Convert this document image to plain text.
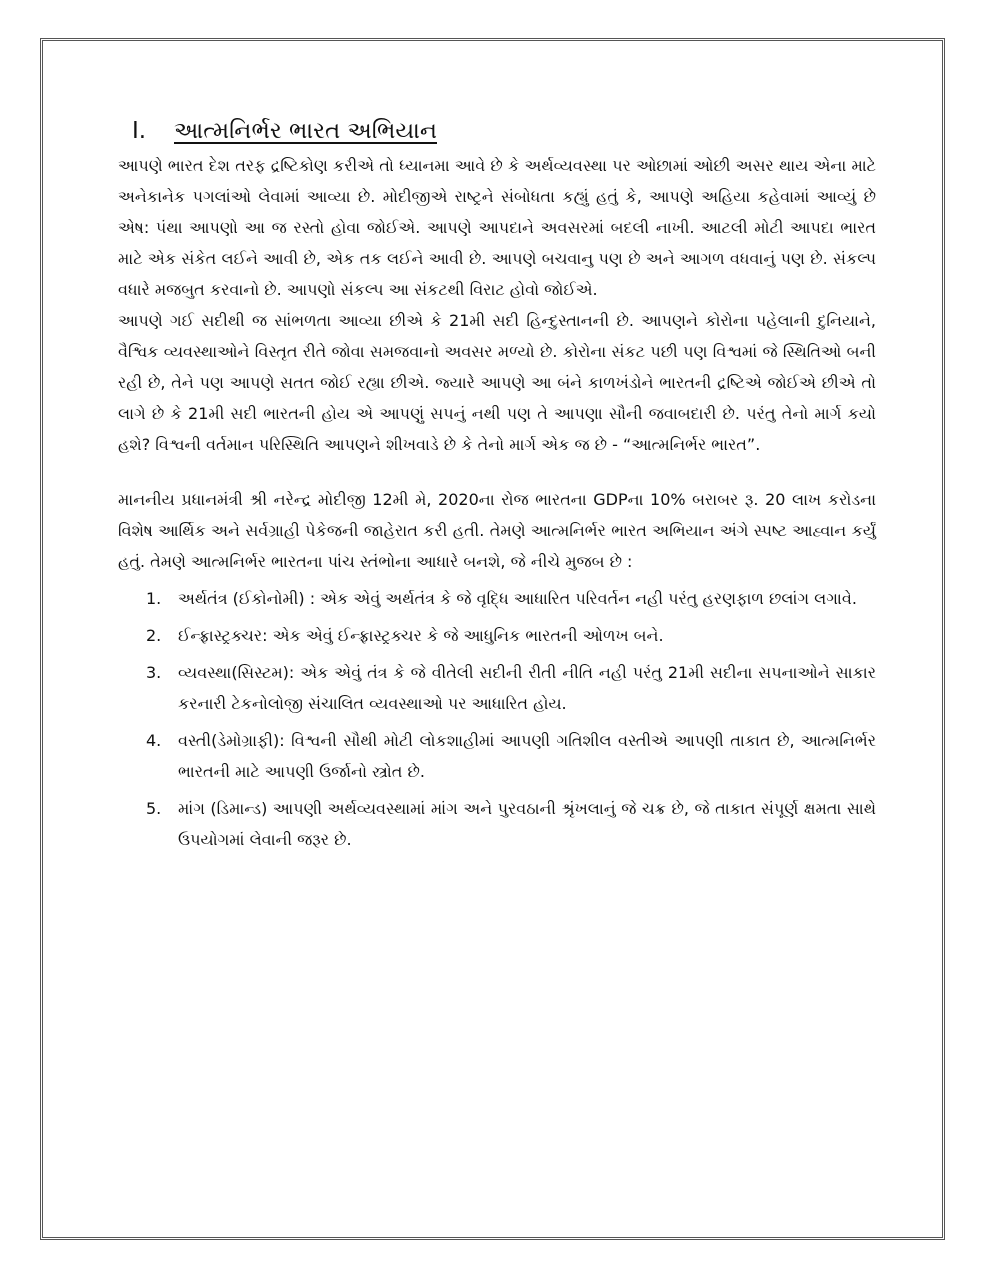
I.	આત્મનિર્ભર ભારત અભિયાન

આપણે ભારત દેશ તરફ દ્રષ્ટિકોણ કરીએ તો ધ્યાનમા આવે છે કે અર્થવ્યવસ્થા પર ઓછામાં ઓછી અસર થાય એના માટે અનેકાનેક પગલાંઓ લેવામાં આવ્યા છે. મોદીજીએ રાષ્ટ્રને સંબોધતા કહ્યું હતું કે, આપણે અહિયા કહેવામાં આવ્યું છે એષ: પંથા આપણો આ જ રસ્તો હોવા જોઈએ. આપણે આપદાને અવસરમાં બદલી નાખી. આટલી મોટી આપદા ભારત માટે એક સંકેત લઈને આવી છે, એક તક લઈને આવી છે. આપણે બચવાનુ પણ છે અને આગળ વધવાનું પણ છે. સંકલ્પ વધારે મજબુત કરવાનો છે. આપણો સંકલ્પ આ સંકટથી વિરાટ હોવો જોઈએ.

આપણે ગઈ સદીથી જ સાંભળતા આવ્યા છીએ કે 21મી સદી હિન્દુસ્તાનની છે. આપણને કોરોના પહેલાની દુનિયાને, વૈશ્વિક વ્યવસ્થાઓને વિસ્તૃત રીતે જોવા સમજવાનો અવસર મળ્યો છે. કોરોના સંકટ પછી પણ વિશ્વમાં જે સ્થિતિઓ બની રહી છે, તેને પણ આપણે સતત જોઈ રહ્યા છીએ. જ્યારે આપણે આ બંને કાળખંડોને ભારતની દ્રષ્ટિએ જોઈએ છીએ તો લાગે છે કે 21મી સદી ભારતની હોય એ આપણું સપનું નથી પણ તે આપણા સૌની જવાબદારી છે. પરંતુ તેનો માર્ગ કયો હશે? વિશ્વની વર્તમાન પરિસ્થિતિ આપણને શીખવાડે છે કે તેનો માર્ગ એક જ છે - “આત્મનિર્ભર ભારત”.

માનનીય પ્રધાનમંત્રી શ્રી નરેન્દ્ર મોદીજી 12મી મે, 2020ના રોજ ભારતના GDPના 10% બરાબર રૂ. 20 લાખ કરોડના વિશેષ આર્થિક અને સર્વગ્રાહી પેકેજની જાહેરાત કરી હતી. તેમણે આત્મનિર્ભર ભારત અભિયાન અંગે સ્પષ્ટ આહ્વાન કર્યું હતું. તેમણે આત્મનિર્ભર ભારતના પાંચ સ્તંભોના આધારે બનશે, જે નીચે મુજબ છે :

1.	અર્થતંત્ર (ઈકોનોમી) : એક એવું અર્થતંત્ર કે જે વૃદ્ધિ આધારિત પરિવર્તન નહી પરંતુ હરણફાળ છલાંગ લગાવે.
2.	ઈન્ફ્રાસ્ટ્રક્ચર: એક એવું ઈન્ફ્રાસ્ટ્રક્ચર કે જે આધુનિક ભારતની ઓળખ બને.
3.	વ્યવસ્થા(સિસ્ટમ): એક એવું તંત્ર કે જે વીતેલી સદીની રીતી નીતિ નહી પરંતુ 21મી સદીના સપનાઓને સાકાર કરનારી ટેકનોલોજી સંચાલિત વ્યવસ્થાઓ પર આધારિત હોય.
4.	વસ્તી(ડેમોગ્રાફી): વિશ્વની સૌથી મોટી લોકશાહીમાં આપણી ગતિશીલ વસ્તીએ આપણી તાકાત છે, આત્મનિર્ભર ભારતની માટે આપણી ઉર્જાનો સ્ત્રોત છે.
5.	માંગ (ડિમાન્ડ) આપણી અર્થવ્યવસ્થામાં માંગ અને પુરવઠાની શ્રૃંખલાનું જે ચક્ર છે, જે તાકાત સંપૂર્ણ ક્ષમતા સાથે ઉપયોગમાં લેવાની જરૂર છે.
